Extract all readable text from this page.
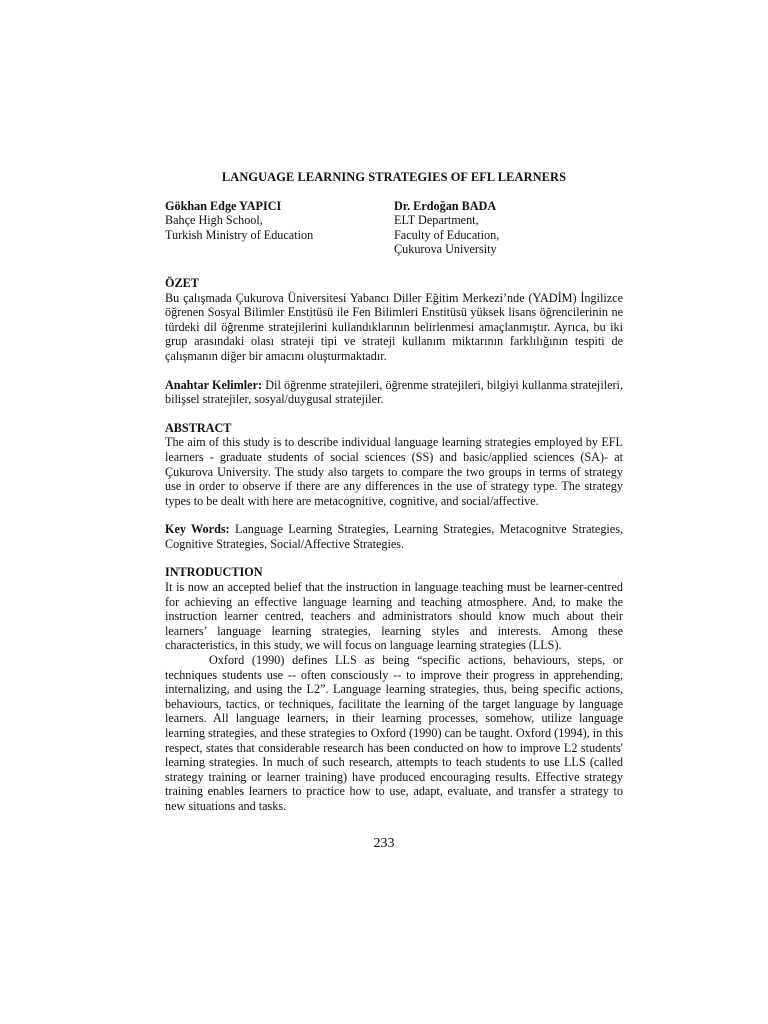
LANGUAGE LEARNING STRATEGIES OF EFL LEARNERS
Gökhan Edge YAPICI
Bahçe High School,
Turkish Ministry of Education
Dr. Erdoğan BADA
ELT Department,
Faculty of Education,
Çukurova University
ÖZET

Bu çalışmada Çukurova Üniversitesi Yabancı Diller Eğitim Merkezi’nde (YADİM) İngilizce öğrenen Sosyal Bilimler Enstitüsü ile Fen Bilimleri Enstitüsü yüksek lisans öğrencilerinin ne türdeki dil öğrenme stratejilerini kullandıklarının belirlenmesi amaçlanmıştır. Ayrıca, bu iki grup arasındaki olası strateji tipi ve strateji kullanım miktarının farklılığının tespiti de çalışmanın diğer bir amacını oluşturmaktadır.

Anahtar Kelimler: Dil öğrenme stratejileri, öğrenme stratejileri, bilgiyi kullanma stratejileri, bilişsel stratejiler, sosyal/duygusal stratejiler.

ABSTRACT

The aim of this study is to describe individual language learning strategies employed by EFL learners - graduate students of social sciences (SS) and basic/applied sciences (SA)- at Çukurova University. The study also targets to compare the two groups in terms of strategy use in order to observe if there are any differences in the use of strategy type. The strategy types to be dealt with here are metacognitive, cognitive, and social/affective.

Key Words: Language Learning Strategies, Learning Strategies, Metacognitve Strategies, Cognitive Strategies, Social/Affective Strategies.

INTRODUCTION

It is now an accepted belief that the instruction in language teaching must be learner-centred for achieving an effective language learning and teaching atmosphere. And, to make the instruction learner centred, teachers and administrators should know much about their learners’ language learning strategies, learning styles and interests. Among these characteristics, in this study, we will focus on language learning strategies (LLS).

Oxford (1990) defines LLS as being “specific actions, behaviours, steps, or techniques students use -- often consciously -- to improve their progress in apprehending, internalizing, and using the L2”. Language learning strategies, thus, being specific actions, behaviours, tactics, or techniques, facilitate the learning of the target language by language learners. All language learners, in their learning processes, somehow, utilize language learning strategies, and these strategies to Oxford (1990) can be taught. Oxford (1994), in this respect, states that considerable research has been conducted on how to improve L2 students' learning strategies. In much of such research, attempts to teach students to use LLS (called strategy training or learner training) have produced encouraging results. Effective strategy training enables learners to practice how to use, adapt, evaluate, and transfer a strategy to new situations and tasks.

233
